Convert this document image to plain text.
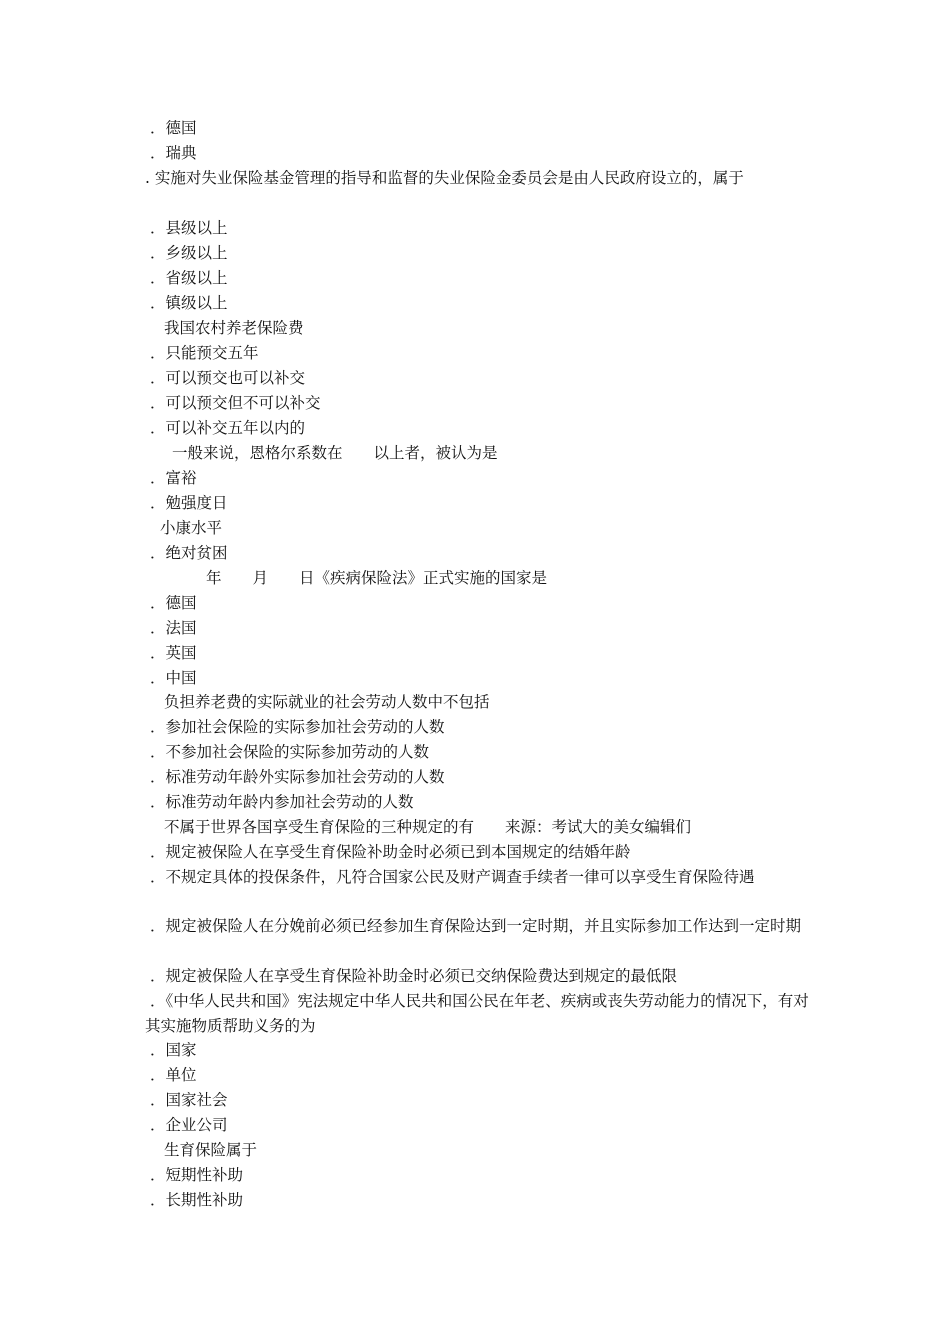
．德国
．瑞典
. 实施对失业保险基金管理的指导和监督的失业保险金委员会是由人民政府设立的，属于
．县级以上
．乡级以上
．省级以上
．镇级以上
我国农村养老保险费
．只能预交五年
．可以预交也可以补交
．可以预交但不可以补交
．可以补交五年以内的
一般来说，恩格尔系数在　　以上者，被认为是
．富裕
．勉强度日
小康水平
．绝对贫困
年　　月　　日《疾病保险法》正式实施的国家是
．德国
．法国
．英国
．中国
负担养老费的实际就业的社会劳动人数中不包括
．参加社会保险的实际参加社会劳动的人数
．不参加社会保险的实际参加劳动的人数
．标准劳动年龄外实际参加社会劳动的人数
．标准劳动年龄内参加社会劳动的人数
不属于世界各国享受生育保险的三种规定的有　　来源：考试大的美女编辑们
．规定被保险人在享受生育保险补助金时必须已到本国规定的结婚年龄
．不规定具体的投保条件，凡符合国家公民及财产调查手续者一律可以享受生育保险待遇
．规定被保险人在分娩前必须已经参加生育保险达到一定时期，并且实际参加工作达到一定时期
．规定被保险人在享受生育保险补助金时必须已交纳保险费达到规定的最低限
．《中华人民共和国》宪法规定中华人民共和国公民在年老、疾病或丧失劳动能力的情况下，有对其实施物质帮助义务的为
．国家
．单位
．国家社会
．企业公司
生育保险属于
．短期性补助
．长期性补助
